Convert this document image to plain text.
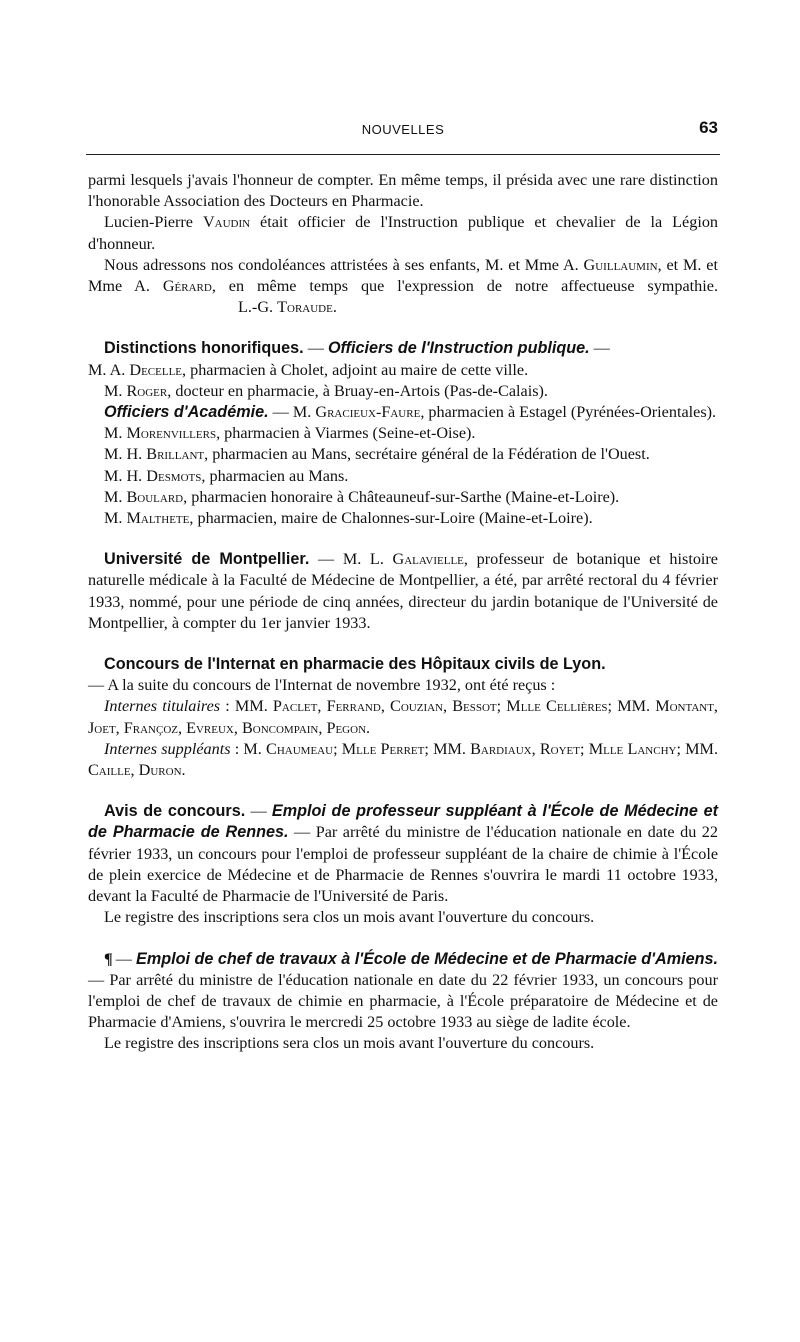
NOUVELLES	63

parmi lesquels j'avais l'honneur de compter. En même temps, il présida avec une rare distinction l'honorable Association des Docteurs en Pharmacie.

Lucien-Pierre Vaudin était officier de l'Instruction publique et chevalier de la Légion d'honneur.

Nous adressons nos condoléances attristées à ses enfants, M. et Mme A. Guillaumin, et M. et Mme A. Gérard, en même temps que l'expression de notre affectueuse sympathie.L.-G. Toraude.

Distinctions honorifiques. — Officiers de l'Instruction publique. —
M. A. Decelle, pharmacien à Cholet, adjoint au maire de cette ville.

M. Roger, docteur en pharmacie, à Bruay-en-Artois (Pas-de-Calais).

Officiers d'Académie. — M. Gracieux-Faure, pharmacien à Estagel (Pyrénées-Orientales).

M. Morenvillers, pharmacien à Viarmes (Seine-et-Oise).

M. H. Brillant, pharmacien au Mans, secrétaire général de la Fédération de l'Ouest.

M. H. Desmots, pharmacien au Mans.

M. Boulard, pharmacien honoraire à Châteauneuf-sur-Sarthe (Maine-et-Loire).

M. Malthete, pharmacien, maire de Chalonnes-sur-Loire (Maine-et-Loire).

Université de Montpellier. — M. L. Galavielle, professeur de botanique et histoire naturelle médicale à la Faculté de Médecine de Montpellier, a été, par arrêté rectoral du 4 février 1933, nommé, pour une période de cinq années, directeur du jardin botanique de l'Université de Montpellier, à compter du 1er janvier 1933.

Concours de l'Internat en pharmacie des Hôpitaux civils de Lyon.

— A la suite du concours de l'Internat de novembre 1932, ont été reçus :

Internes titulaires : MM. Paclet, Ferrand, Couzian, Bessot; Mlle Cellières; MM. Montant, Joet, Françoz, Evreux, Boncompain, Pegon.

Internes suppléants : M. Chaumeau; Mlle Perret; MM. Bardiaux, Royet; Mlle Lanchy; MM. Caille, Duron.

Avis de concours. — Emploi de professeur suppléant à l'École de Médecine et de Pharmacie de Rennes. — Par arrêté du ministre de l'éducation nationale en date du 22 février 1933, un concours pour l'emploi de professeur suppléant de la chaire de chimie à l'École de plein exercice de Médecine et de Pharmacie de Rennes s'ouvrira le mardi 11 octobre 1933, devant la Faculté de Pharmacie de l'Université de Paris.

Le registre des inscriptions sera clos un mois avant l'ouverture du concours.

¶ — Emploi de chef de travaux à l'École de Médecine et de Pharmacie d'Amiens. — Par arrêté du ministre de l'éducation nationale en date du 22 février 1933, un concours pour l'emploi de chef de travaux de chimie en pharmacie, à l'École préparatoire de Médecine et de Pharmacie d'Amiens, s'ouvrira le mercredi 25 octobre 1933 au siège de ladite école.

Le registre des inscriptions sera clos un mois avant l'ouverture du concours.
